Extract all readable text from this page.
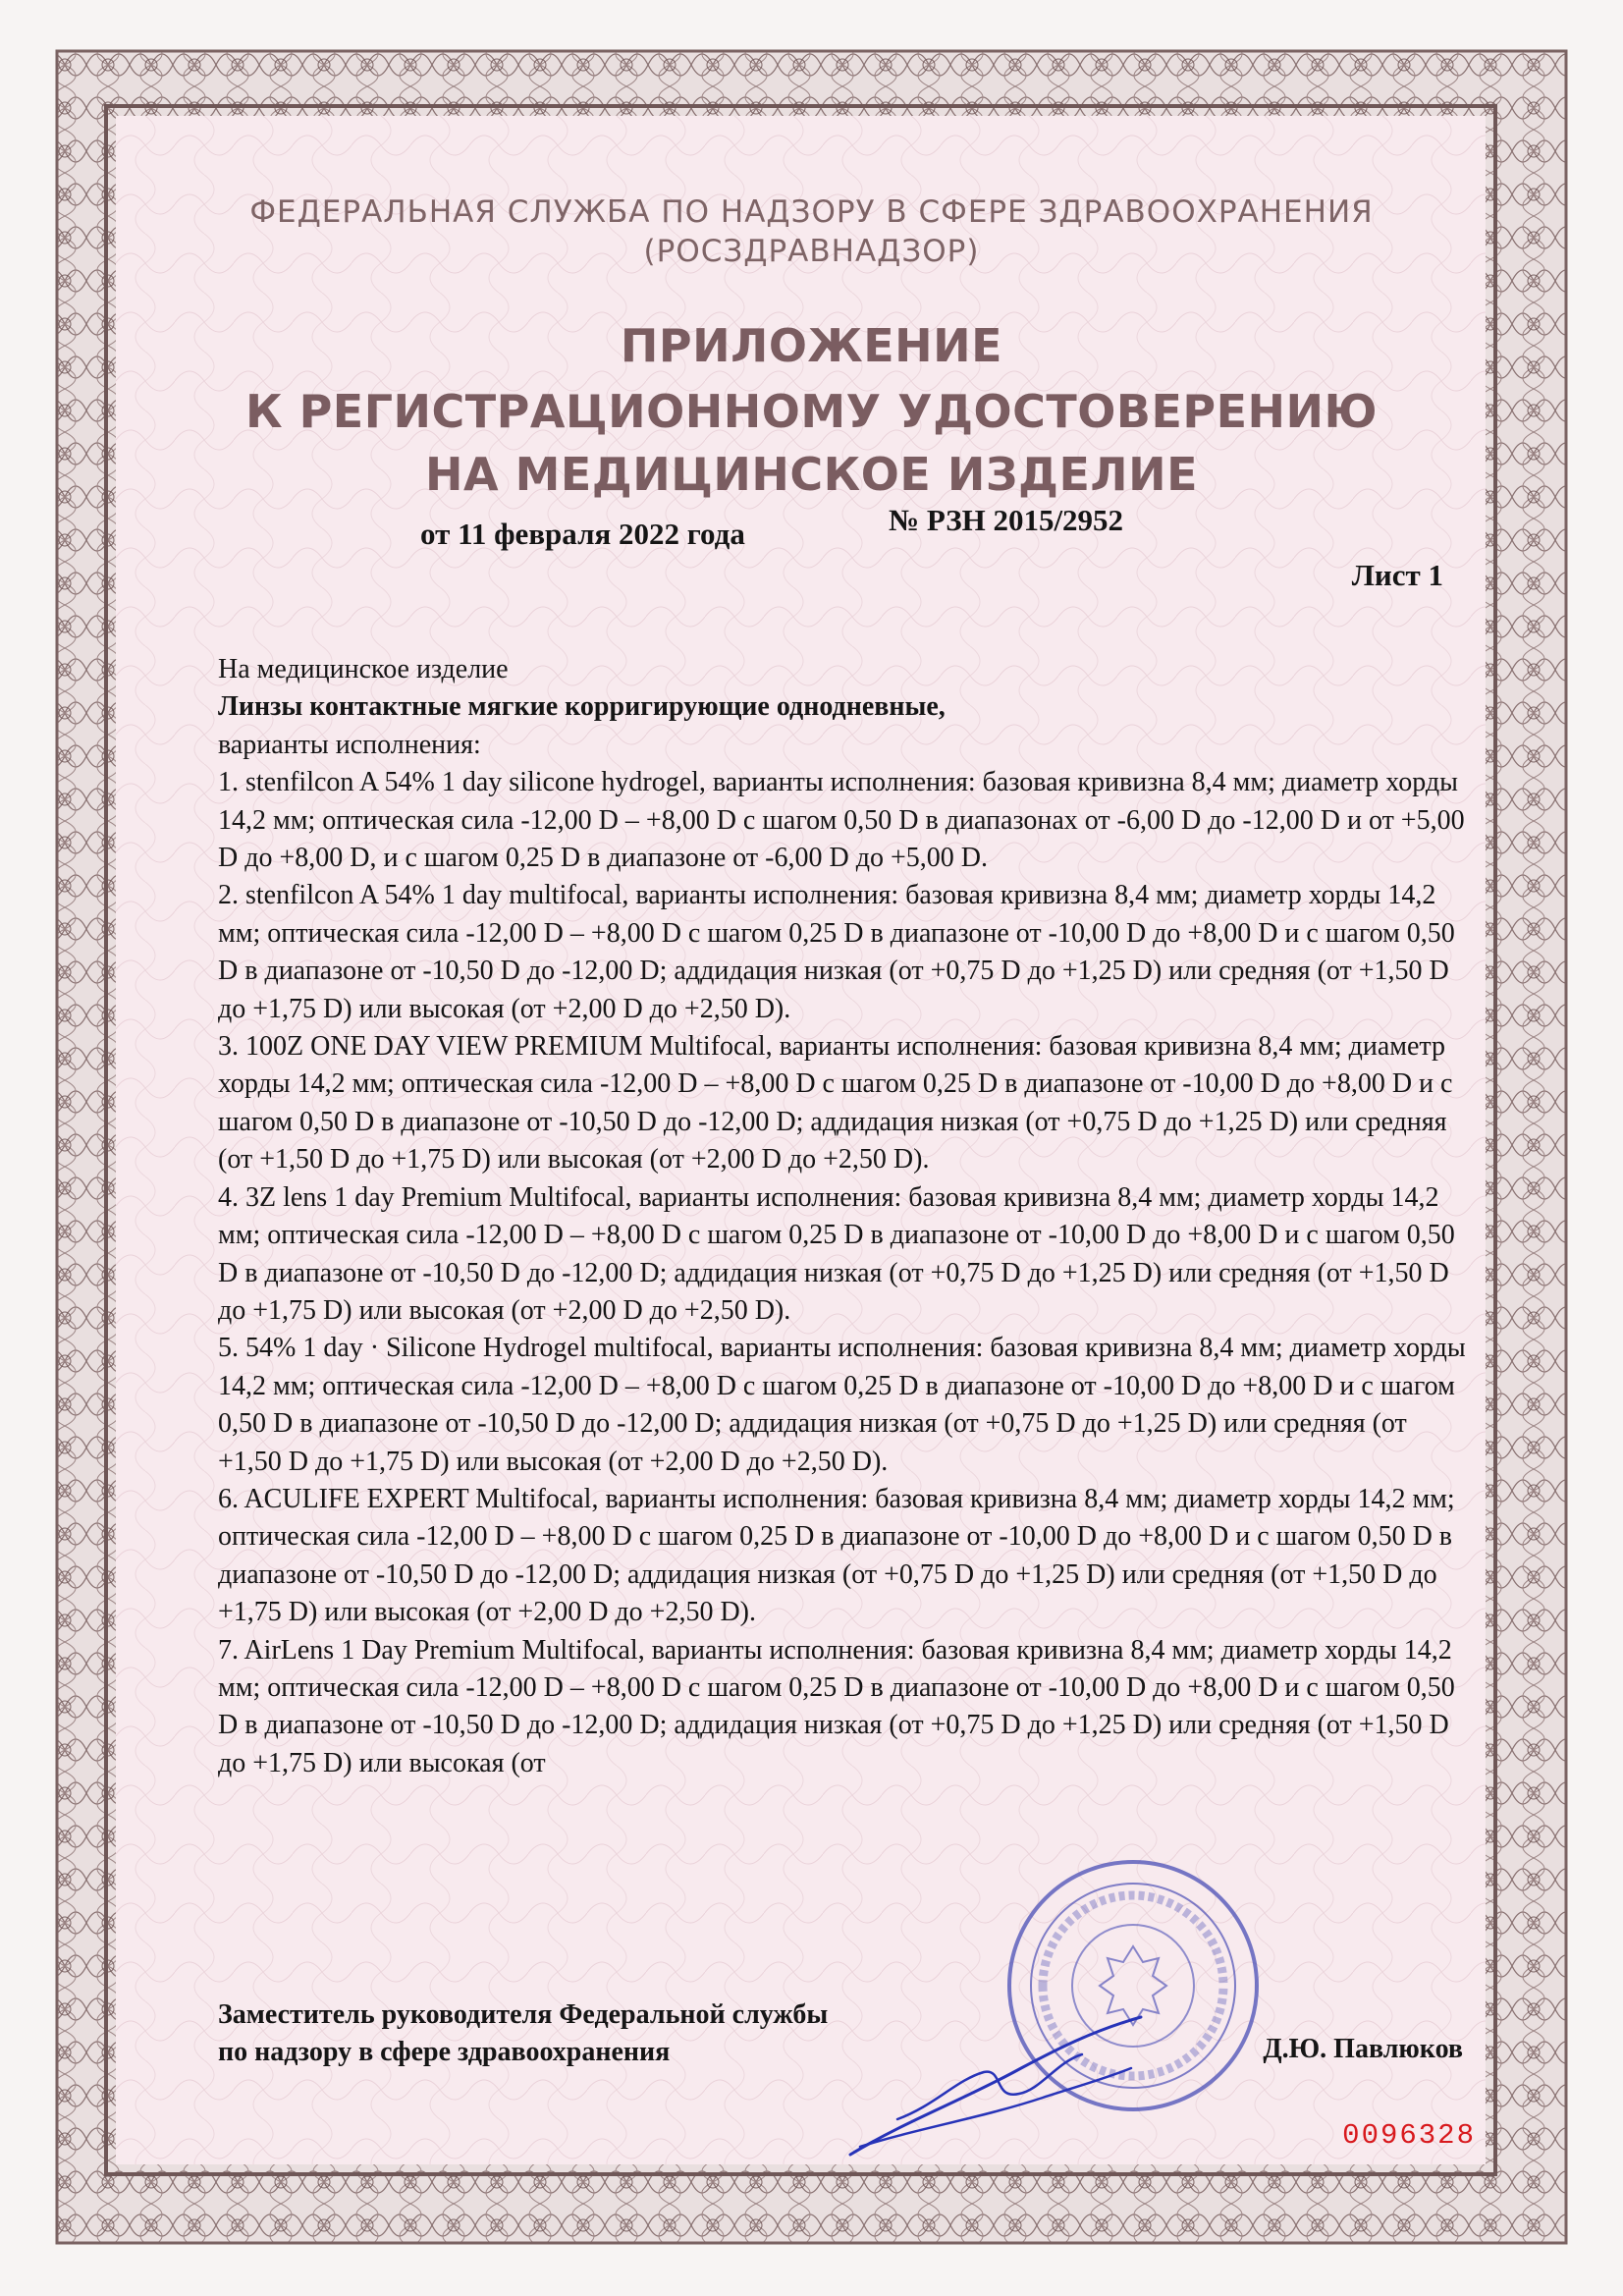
ФЕДЕРАЛЬНАЯ СЛУЖБА ПО НАДЗОРУ В СФЕРЕ ЗДРАВООХРАНЕНИЯ
(РОСЗДРАВНАДЗОР)
ПРИЛОЖЕНИЕ
К РЕГИСТРАЦИОННОМУ УДОСТОВЕРЕНИЮ
НА МЕДИЦИНСКОЕ ИЗДЕЛИЕ
от 11 февраля 2022 года	№ РЗН 2015/2952
Лист 1

На медицинское изделие

Линзы контактные мягкие корригирующие однодневные,

варианты исполнения:

1. stenfilcon A 54% 1 day silicone hydrogel, варианты исполнения: базовая кривизна 8,4 мм; диаметр хорды 14,2 мм; оптическая сила -12,00 D – +8,00 D с шагом 0,50 D в диапазонах от -6,00 D до -12,00 D и от +5,00 D до +8,00 D, и с шагом 0,25 D в диапазоне от -6,00 D до +5,00 D.

2. stenfilcon A 54% 1 day multifocal, варианты исполнения: базовая кривизна 8,4 мм; диаметр хорды 14,2 мм; оптическая сила -12,00 D – +8,00 D с шагом 0,25 D в диапазоне от -10,00 D до +8,00 D и с шагом 0,50 D в диапазоне от -10,50 D до -12,00 D; аддидация низкая (от +0,75 D до +1,25 D) или средняя (от +1,50 D до +1,75 D) или высокая (от +2,00 D до +2,50 D).

3. 100Z ONE DAY VIEW PREMIUM Multifocal, варианты исполнения: базовая кривизна 8,4 мм; диаметр хорды 14,2 мм; оптическая сила -12,00 D – +8,00 D с шагом 0,25 D в диапазоне от -10,00 D до +8,00 D и с шагом 0,50 D в диапазоне от -10,50 D до -12,00 D; аддидация низкая (от +0,75 D до +1,25 D) или средняя (от +1,50 D до +1,75 D) или высокая (от +2,00 D до +2,50 D).

4. 3Z lens 1 day Premium Multifocal, варианты исполнения: базовая кривизна 8,4 мм; диаметр хорды 14,2 мм; оптическая сила -12,00 D – +8,00 D с шагом 0,25 D в диапазоне от -10,00 D до +8,00 D и с шагом 0,50 D в диапазоне от -10,50 D до -12,00 D; аддидация низкая (от +0,75 D до +1,25 D) или средняя (от +1,50 D до +1,75 D) или высокая (от +2,00 D до +2,50 D).

5. 54% 1 day · Silicone Hydrogel multifocal, варианты исполнения: базовая кривизна 8,4 мм; диаметр хорды 14,2 мм; оптическая сила -12,00 D – +8,00 D с шагом 0,25 D в диапазоне от -10,00 D до +8,00 D и с шагом 0,50 D в диапазоне от -10,50 D до -12,00 D; аддидация низкая (от +0,75 D до +1,25 D) или средняя (от +1,50 D до +1,75 D) или высокая (от +2,00 D до +2,50 D).

6. ACULIFE EXPERT Multifocal, варианты исполнения: базовая кривизна 8,4 мм; диаметр хорды 14,2 мм; оптическая сила -12,00 D – +8,00 D с шагом 0,25 D в диапазоне от -10,00 D до +8,00 D и с шагом 0,50 D в диапазоне от -10,50 D до -12,00 D; аддидация низкая (от +0,75 D до +1,25 D) или средняя (от +1,50 D до +1,75 D) или высокая (от +2,00 D до +2,50 D).

7. AirLens 1 Day Premium Multifocal, варианты исполнения: базовая кривизна 8,4 мм; диаметр хорды 14,2 мм; оптическая сила -12,00 D – +8,00 D с шагом 0,25 D в диапазоне от -10,00 D до +8,00 D и с шагом 0,50 D в диапазоне от -10,50 D до -12,00 D; аддидация низкая (от +0,75 D до +1,25 D) или средняя (от +1,50 D до +1,75 D) или высокая (от

Заместитель руководителя Федеральной службы
по надзору в сфере здравоохранения	Д.Ю. Павлюков
0096328
